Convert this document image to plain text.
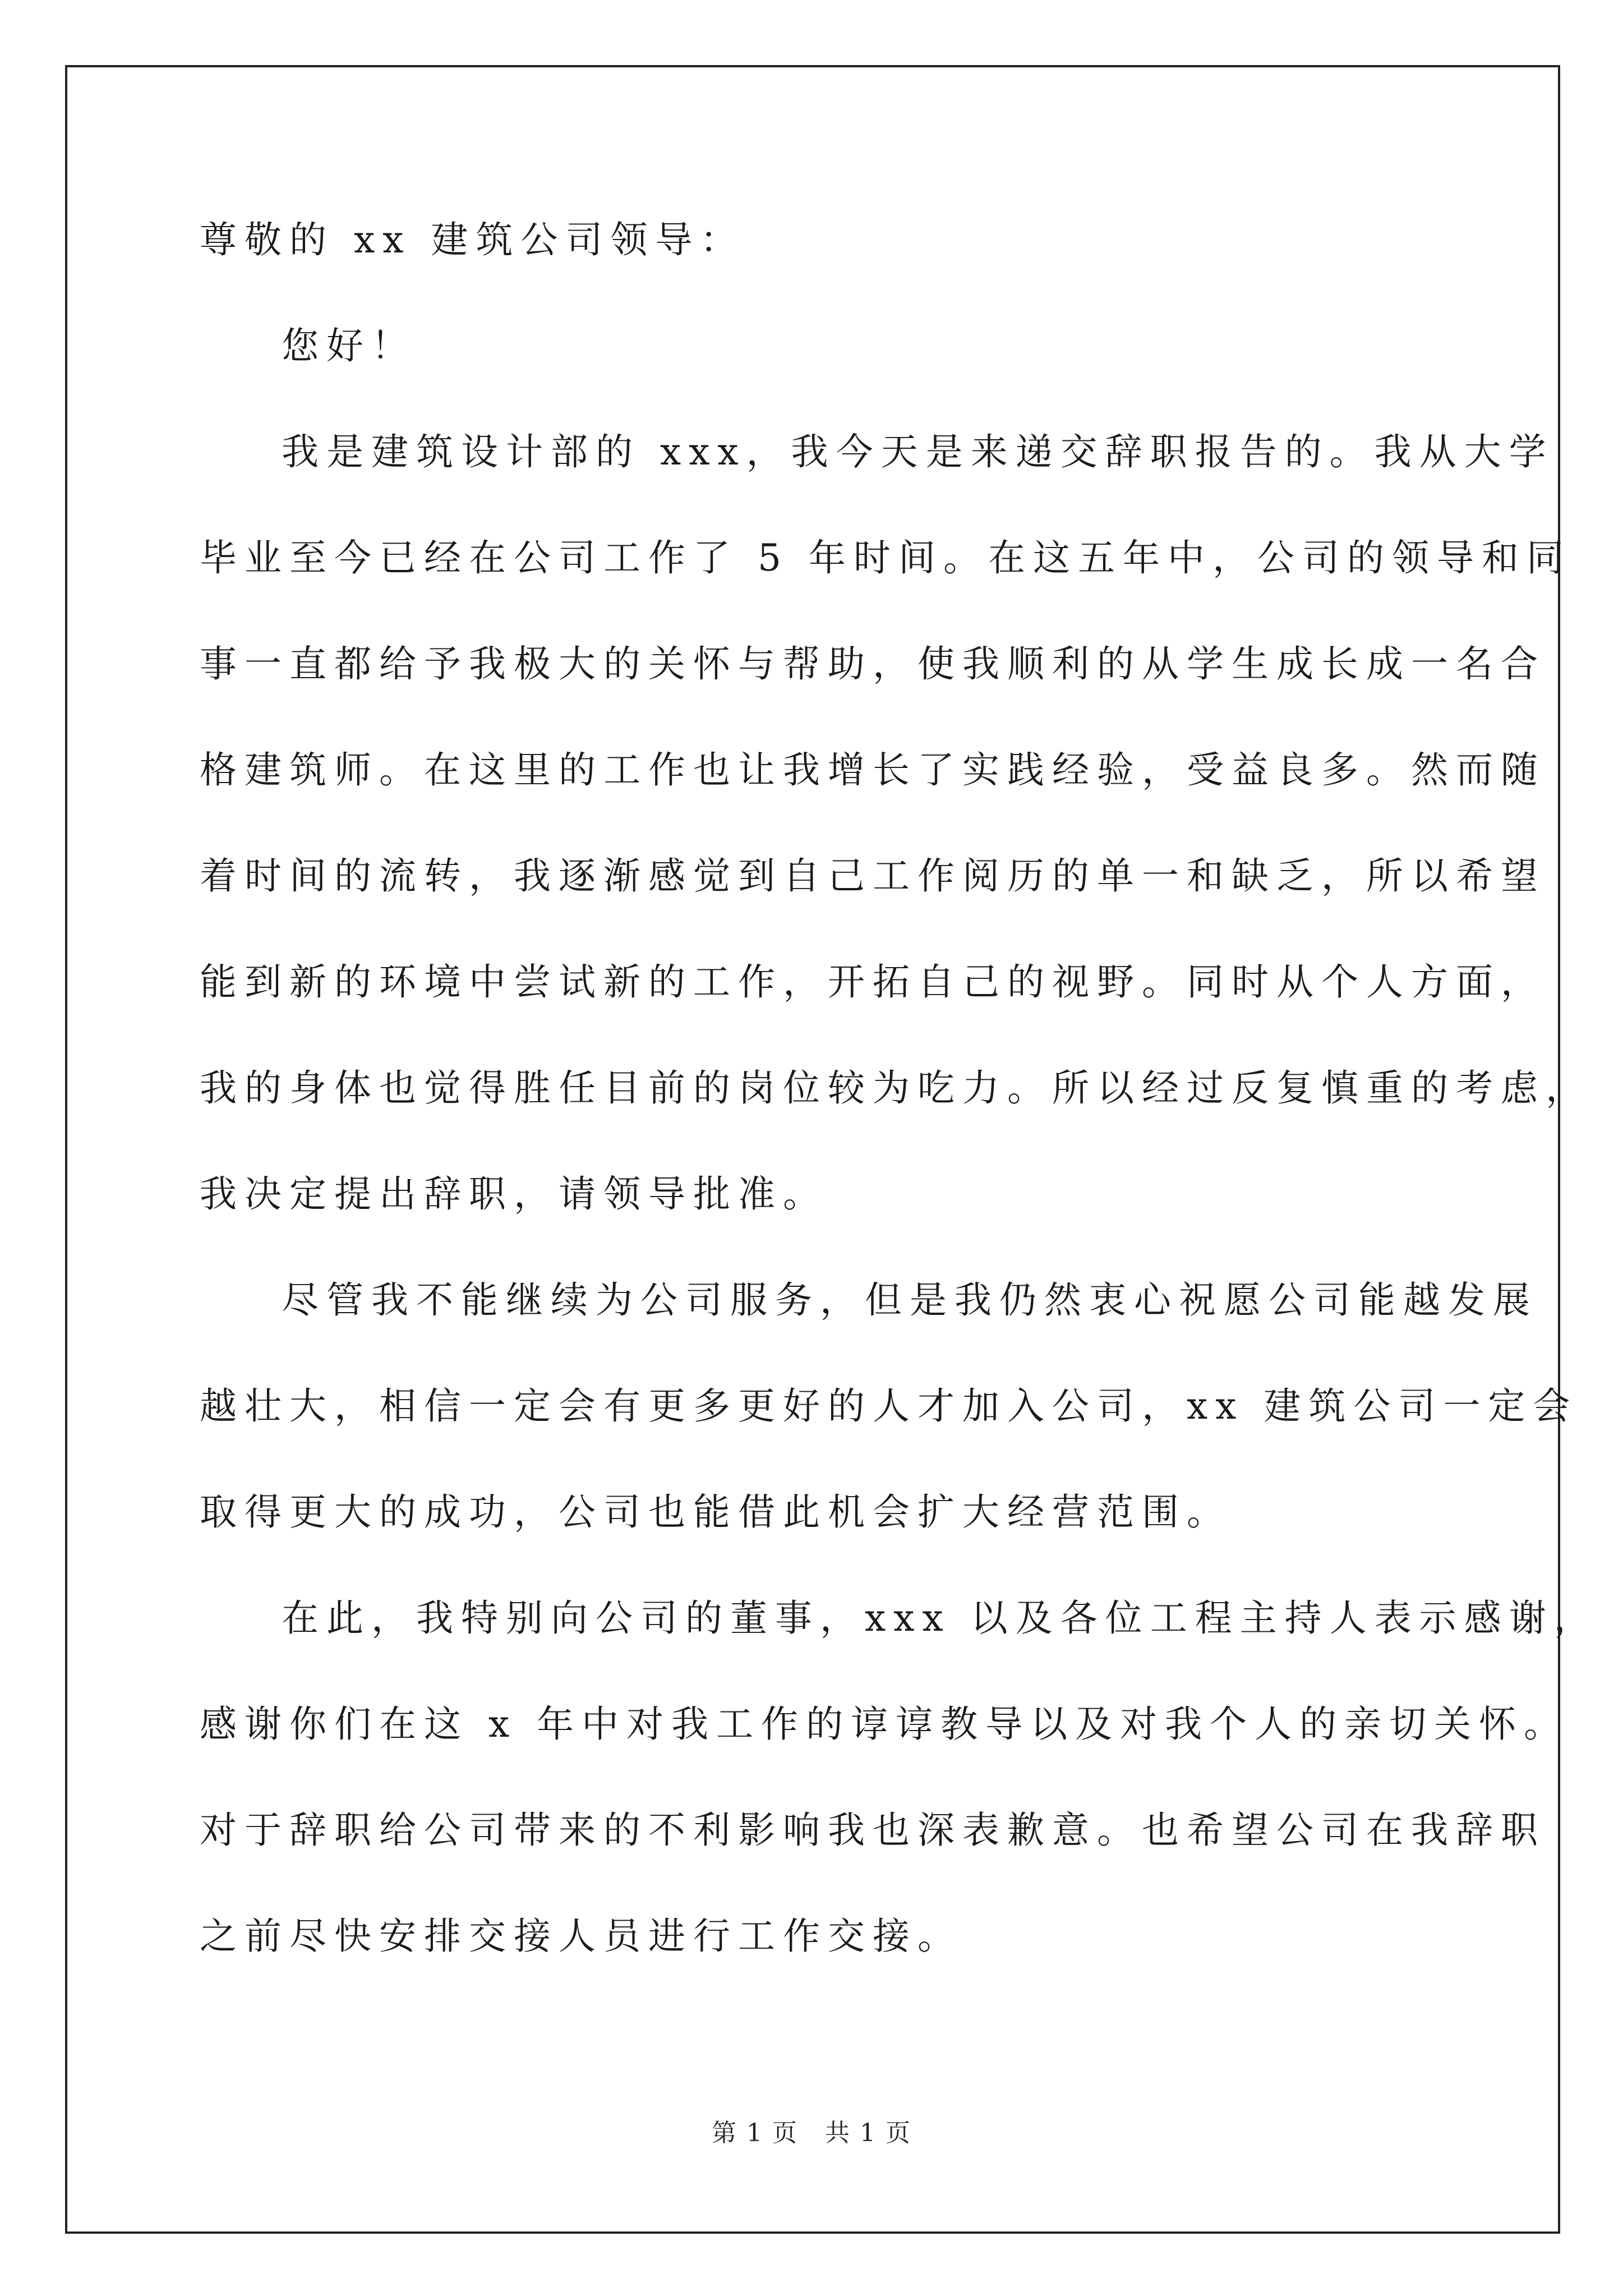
尊敬的 xx 建筑公司领导：
您好！
我是建筑设计部的 xxx，我今天是来递交辞职报告的。我从大学
毕业至今已经在公司工作了 5 年时间。在这五年中，公司的领导和同
事一直都给予我极大的关怀与帮助，使我顺利的从学生成长成一名合
格建筑师。在这里的工作也让我增长了实践经验，受益良多。然而随
着时间的流转，我逐渐感觉到自己工作阅历的单一和缺乏，所以希望
能到新的环境中尝试新的工作，开拓自己的视野。同时从个人方面，
我的身体也觉得胜任目前的岗位较为吃力。所以经过反复慎重的考虑，
我决定提出辞职，请领导批准。
尽管我不能继续为公司服务，但是我仍然衷心祝愿公司能越发展
越壮大，相信一定会有更多更好的人才加入公司，xx 建筑公司一定会
取得更大的成功，公司也能借此机会扩大经营范围。
在此，我特别向公司的董事，xxx 以及各位工程主持人表示感谢，
感谢你们在这 x 年中对我工作的谆谆教导以及对我个人的亲切关怀。
对于辞职给公司带来的不利影响我也深表歉意。也希望公司在我辞职
之前尽快安排交接人员进行工作交接。
第 1 页 共 1 页
